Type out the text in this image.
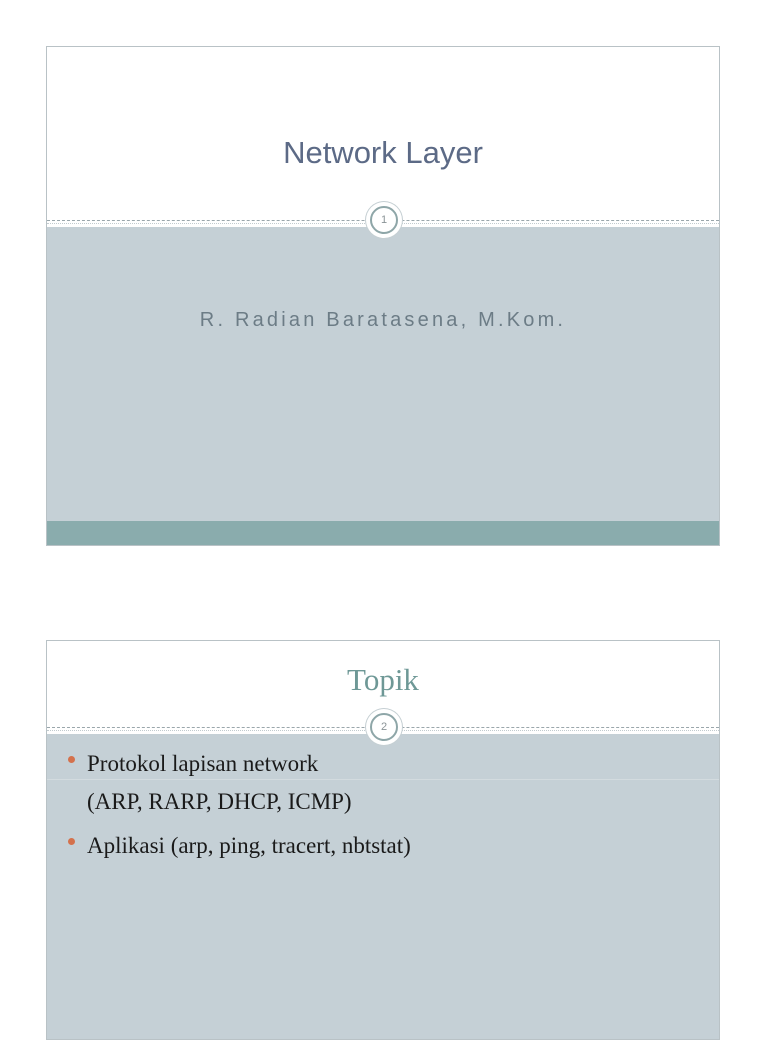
Network Layer
1

R. Radian Baratasena, M.Kom.

Topik
2
Protokol lapisan network
(ARP, RARP, DHCP, ICMP)
Aplikasi (arp, ping, tracert, nbtstat)
